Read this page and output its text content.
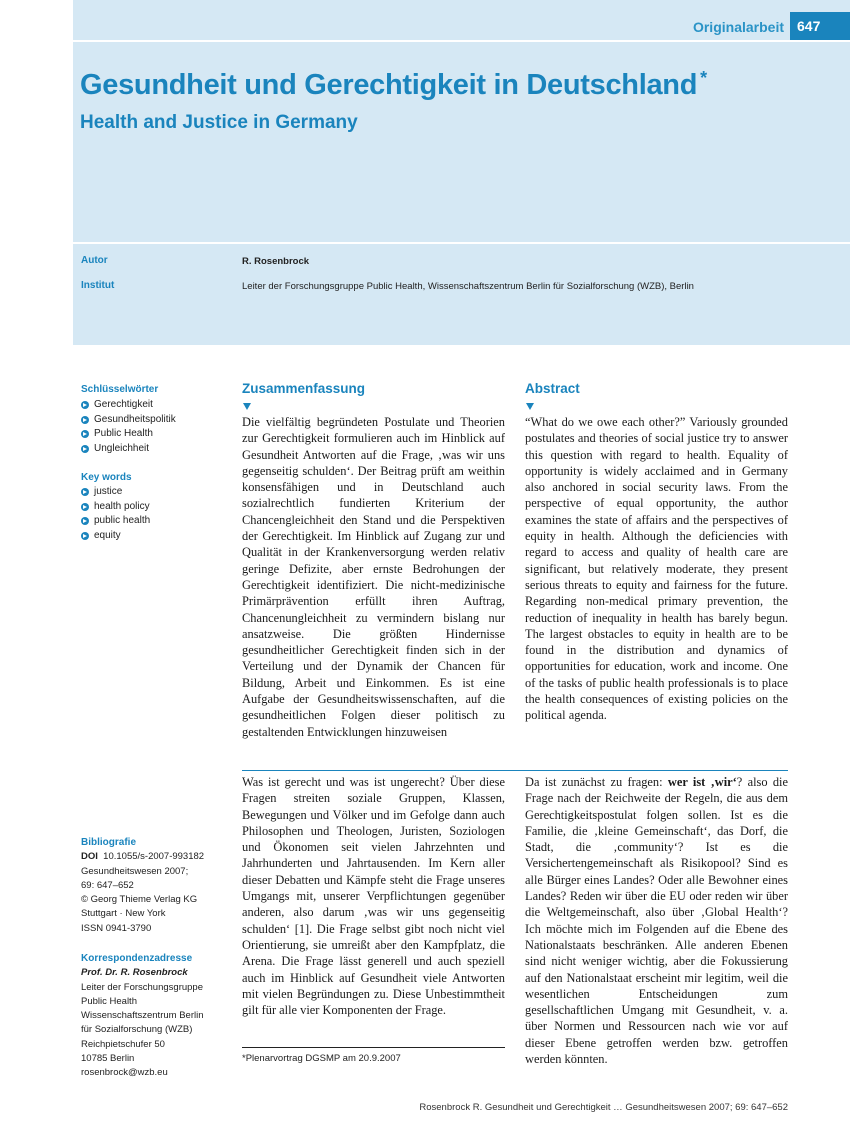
Originalarbeit 647
Gesundheit und Gerechtigkeit in Deutschland *
Health and Justice in Germany
Autor	R. Rosenbrock
Institut	Leiter der Forschungsgruppe Public Health, Wissenschaftszentrum Berlin für Sozialforschung (WZB), Berlin
Schlüsselwörter
Gerechtigkeit
Gesundheitspolitik
Public Health
Ungleichheit
Key words
justice
health policy
public health
equity
Zusammenfassung

Die vielfältig begründeten Postulate und Theorien zur Gerechtigkeit formulieren auch im Hinblick auf Gesundheit Antworten auf die Frage, ‚was wir uns gegenseitig schulden‘. Der Beitrag prüft am weithin konsensfähigen und in Deutschland auch sozialrechtlich fundierten Kriterium der Chancengleichheit den Stand und die Perspektiven der Gerechtigkeit. Im Hinblick auf Zugang zur und Qualität in der Krankenversorgung werden relativ geringe Defizite, aber ernste Bedrohungen der Gerechtigkeit identifiziert. Die nicht-medizinische Primärprävention erfüllt ihren Auftrag, Chancenungleichheit zu vermindern bislang nur ansatzweise. Die größten Hindernisse gesundheitlicher Gerechtigkeit finden sich in der Verteilung und der Dynamik der Chancen für Bildung, Arbeit und Einkommen. Es ist eine Aufgabe der Gesundheitswissenschaften, auf die gesundheitlichen Folgen dieser politisch zu gestaltenden Entwicklungen hinzuweisen

Abstract

“What do we owe each other?” Variously grounded postulates and theories of social justice try to answer this question with regard to health. Equality of opportunity is widely acclaimed and in Germany also anchored in social security laws. From the perspective of equal opportunity, the author examines the state of affairs and the perspectives of equity in health. Although the deficiencies with regard to access and quality of health care are significant, but relatively moderate, they present serious threats to equity and fairness for the future. Regarding non-medical primary prevention, the reduction of inequality in health has barely begun. The largest obstacles to equity in health are to be found in the distribution and dynamics of opportunities for education, work and income. One of the tasks of public health professionals is to place the health consequences of existing policies on the political agenda.

Was ist gerecht und was ist ungerecht? Über diese Fragen streiten soziale Gruppen, Klassen, Bewegungen und Völker und im Gefolge dann auch Philosophen und Theologen, Juristen, Soziologen und Ökonomen seit vielen Jahrzehnten und Jahrhunderten und Jahrtausenden. Im Kern aller dieser Debatten und Kämpfe steht die Frage unseres Umgangs mit, unserer Verpflichtungen gegenüber anderen, also darum ‚was wir uns gegenseitig schulden‘ [1]. Die Frage selbst gibt noch nicht viel Orientierung, sie umreißt aber den Kampfplatz, die Arena. Die Frage lässt generell und auch speziell auch im Hinblick auf Gesundheit viele Antworten mit vielen Begründungen zu. Diese Unbestimmtheit gilt für alle vier Komponenten der Frage.

Da ist zunächst zu fragen: wer ist ‚wir‘? also die Frage nach der Reichweite der Regeln, die aus dem Gerechtigkeitspostulat folgen sollen. Ist es die Familie, die ‚kleine Gemeinschaft‘, das Dorf, die Stadt, die ‚community‘? Ist es die Versichertengemeinschaft als Risikopool? Sind es alle Bürger eines Landes? Oder alle Bewohner eines Landes? Reden wir über die EU oder reden wir über die Weltgemeinschaft, also über ‚Global Health‘? Ich möchte mich im Folgenden auf die Ebene des Nationalstaats beschränken. Alle anderen Ebenen sind nicht weniger wichtig, aber die Fokussierung auf den Nationalstaat erscheint mir legitim, weil die wesentlichen Entscheidungen zum gesellschaftlichen Umgang mit Gesundheit, v. a. über Normen und Ressourcen nach wie vor auf dieser Ebene getroffen werden bzw. getroffen werden könnten.

*Plenarvortrag DGSMP am 20.9.2007
Bibliografie
DOI 10.1055/s-2007-993182
Gesundheitswesen 2007;
69: 647–652
© Georg Thieme Verlag KG
Stuttgart · New York
ISSN 0941-3790
Korrespondenzadresse
Prof. Dr. R. Rosenbrock
Leiter der Forschungsgruppe
Public Health
Wissenschaftszentrum Berlin
für Sozialforschung (WZB)
Reichpietschufer 50
10785 Berlin
rosenbrock@wzb.eu
Rosenbrock R. Gesundheit und Gerechtigkeit … Gesundheitswesen 2007; 69: 647–652
